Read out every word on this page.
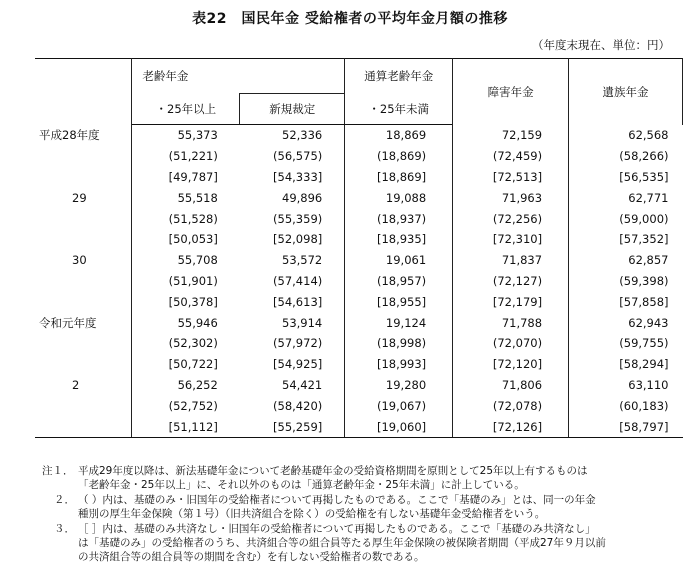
表22　国民年金 受給権者の平均年金月額の推移
（年度末現在、単位：円）
	老齢年金		通算老齢年金	障害年金	遺族年金
	・25年以上	新規裁定	・25年未満		
平成28年度	55,373	52,336	18,869	72,159	62,568
	(51,221)	(56,575)	(18,869)	(72,459)	(58,266)
	[49,787]	[54,333]	[18,869]	[72,513]	[56,535]
29	55,518	49,896	19,088	71,963	62,771
	(51,528)	(55,359)	(18,937)	(72,256)	(59,000)
	[50,053]	[52,098]	[18,935]	[72,310]	[57,352]
30	55,708	53,572	19,061	71,837	62,857
	(51,901)	(57,414)	(18,957)	(72,127)	(59,398)
	[50,378]	[54,613]	[18,955]	[72,179]	[57,858]
令和元年度	55,946	53,914	19,124	71,788	62,943
	(52,302)	(57,972)	(18,998)	(72,070)	(59,755)
	[50,722]	[54,925]	[18,993]	[72,120]	[58,294]
2	56,252	54,421	19,280	71,806	63,110
	(52,752)	(58,420)	(19,067)	(72,078)	(60,183)
	[51,112]	[55,259]	[19,060]	[72,126]	[58,797]
注１． 平成29年度以降は、新法基礎年金について老齢基礎年金の受給資格期間を原則として25年以上有するものは
「老齢年金・25年以上」に、それ以外のものは「通算老齢年金・25年未満」に計上している。
２． （ ）内は、基礎のみ・旧国年の受給権者について再掲したものである。ここで「基礎のみ」とは、同一の年金
種別の厚生年金保険（第１号）（旧共済組合を除く）の受給権を有しない基礎年金受給権者をいう。
３． ［ ］内は、基礎のみ共済なし・旧国年の受給権者について再掲したものである。ここで「基礎のみ共済なし」
は「基礎のみ」の受給権者のうち、共済組合等の組合員等たる厚生年金保険の被保険者期間（平成27年９月以前
の共済組合等の組合員等の期間を含む）を有しない受給権者の数である。
